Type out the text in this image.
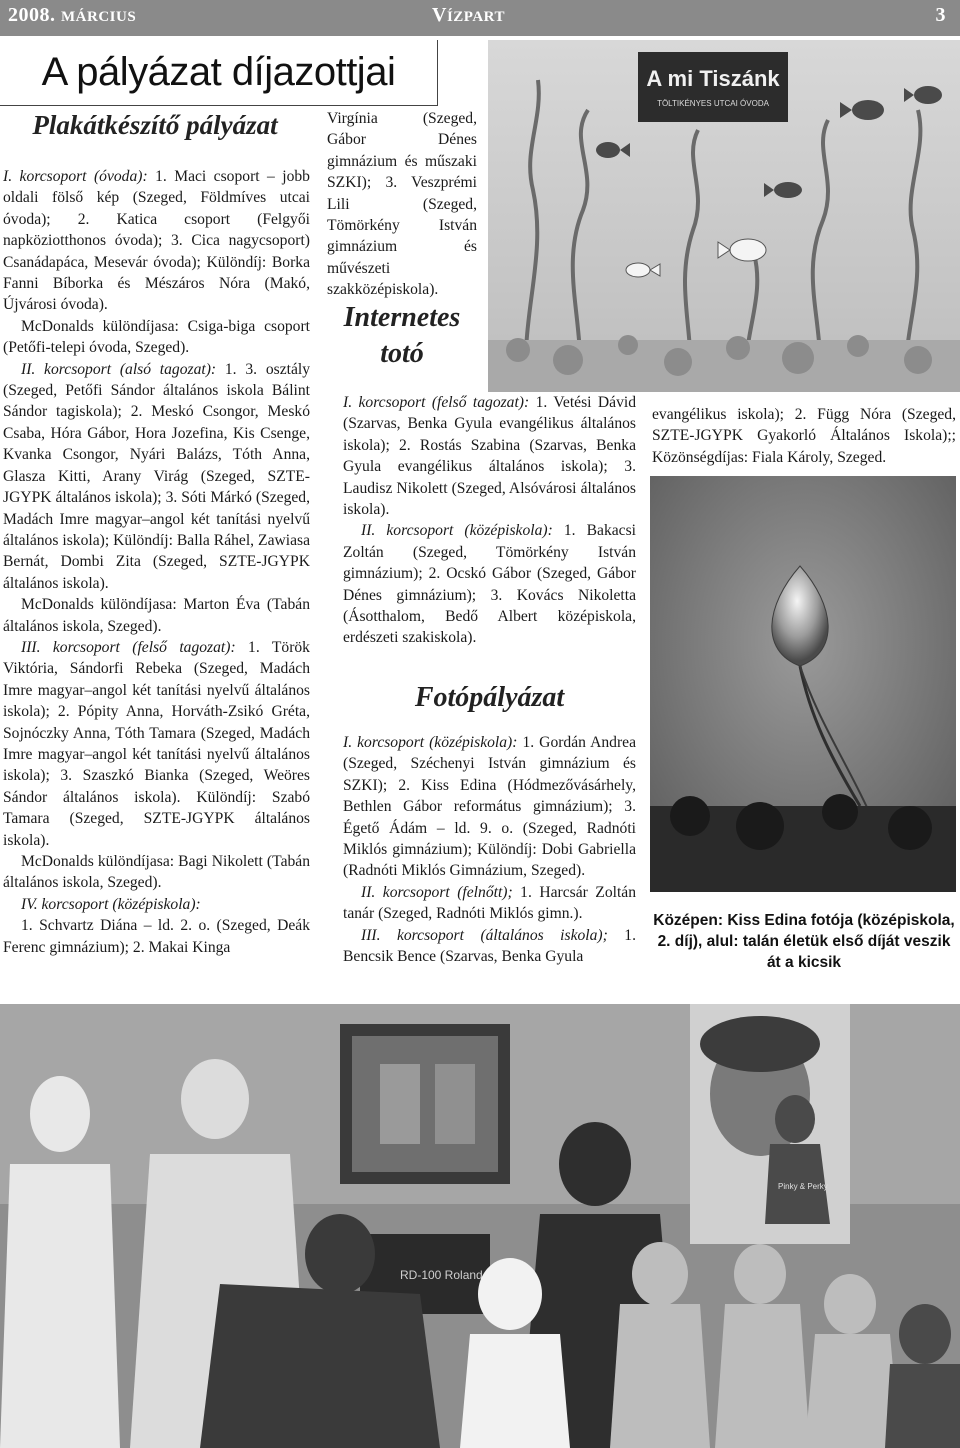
2008. MÁRCIUS	VÍZPART	3
A pályázat díjazottjai
Plakátkészítő pályázat

I. korcsoport (óvoda): 1. Maci csoport – jobb oldali fölső kép (Szeged, Földmíves utcai óvoda); 2. Katica csoport (Felgyői napköziotthonos óvoda); 3. Cica nagycsoport) Csanádapáca, Mesevár óvoda); Különdíj: Borka Fanni Bíborka és Mészáros Nóra (Makó, Újvárosi óvoda).

McDonalds különdíjasa: Csiga-biga csoport (Petőfi-telepi óvoda, Szeged).

II. korcsoport (alsó tagozat): 1. 3. osztály (Szeged, Petőfi Sándor általános iskola Bálint Sándor tagiskola); 2. Meskó Csongor, Meskó Csaba, Hóra Gábor, Hora Jozefina, Kis Csenge, Kvanka Csongor, Nyári Balázs, Tóth Anna, Glasza Kitti, Arany Virág (Szeged, SZTE-JGYPK általános iskola); 3. Sóti Márkó (Szeged, Madách Imre magyar–angol két tanítási nyelvű általános iskola); Különdíj: Balla Ráhel, Zawiasa Bernát, Dombi Zita (Szeged, SZTE-JGYPK általános iskola).

McDonalds különdíjasa: Marton Éva (Tabán általános iskola, Szeged).

III. korcsoport (felső tagozat): 1. Török Viktória, Sándorfi Rebeka (Szeged, Madách Imre magyar–angol két tanítási nyelvű általános iskola); 2. Pópity Anna, Horváth-Zsikó Gréta, Sojnóczky Anna, Tóth Tamara (Szeged, Madách Imre magyar–angol két tanítási nyelvű általános iskola); 3. Szaszkó Bianka (Szeged, Weöres Sándor általános iskola). Különdíj: Szabó Tamara (Szeged, SZTE-JGYPK általános iskola).

McDonalds különdíjasa: Bagi Nikolett (Tabán általános iskola, Szeged).

IV. korcsoport (középiskola):

1. Schvartz Diána – ld. 2. o. (Szeged, Deák Ferenc gimnázium); 2. Makai Kinga

Virgínia (Szeged, Gábor Dénes gimnázium és műszaki SZKI); 3. Veszprémi Lili (Szeged, Tömörkény István gimnázium és művészeti szakközépiskola).

Internetes
totó

I. korcsoport (felső tagozat): 1. Vetési Dávid (Szarvas, Benka Gyula evangélikus általános iskola); 2. Rostás Szabina (Szarvas, Benka Gyula evangélikus általános iskola); 3. Laudisz Nikolett (Szeged, Alsóvárosi általános iskola).

II. korcsoport (középiskola): 1. Bakacsi Zoltán (Szeged, Tömörkény István gimnázium); 2. Ocskó Gábor (Szeged, Gábor Dénes gimnázium); 3. Kovács Nikoletta (Ásotthalom, Bedő Albert középiskola, erdészeti szakiskola).

Fotópályázat

I. korcsoport (középiskola): 1. Gordán Andrea (Szeged, Széchenyi István gimnázium és SZKI); 2. Kiss Edina (Hódmezővásárhely, Bethlen Gábor református gimnázium); 3. Égető Ádám – ld. 9. o. (Szeged, Radnóti Miklós gimnázium); Különdíj: Dobi Gabriella (Radnóti Miklós Gimnázium, Szeged).

II. korcsoport (felnőtt); 1. Harcsár Zoltán tanár (Szeged, Radnóti Miklós gimn.).

III. korcsoport (általános iskola); 1. Bencsik Bence (Szarvas, Benka Gyula

evangélikus iskola); 2. Függ Nóra (Szeged, SZTE-JGYPK Gyakorló Általános Iskola);; Közönségdíjas: Fiala Károly, Szeged.

A mi Tiszánk
TÖLTIKÉNYES UTCAI ÓVODA
Középen: Kiss Edina fotója (középiskola, 2. díj), alul: talán életük első díját veszik át a kicsik
RD-100 Roland
Pinky & Perky
